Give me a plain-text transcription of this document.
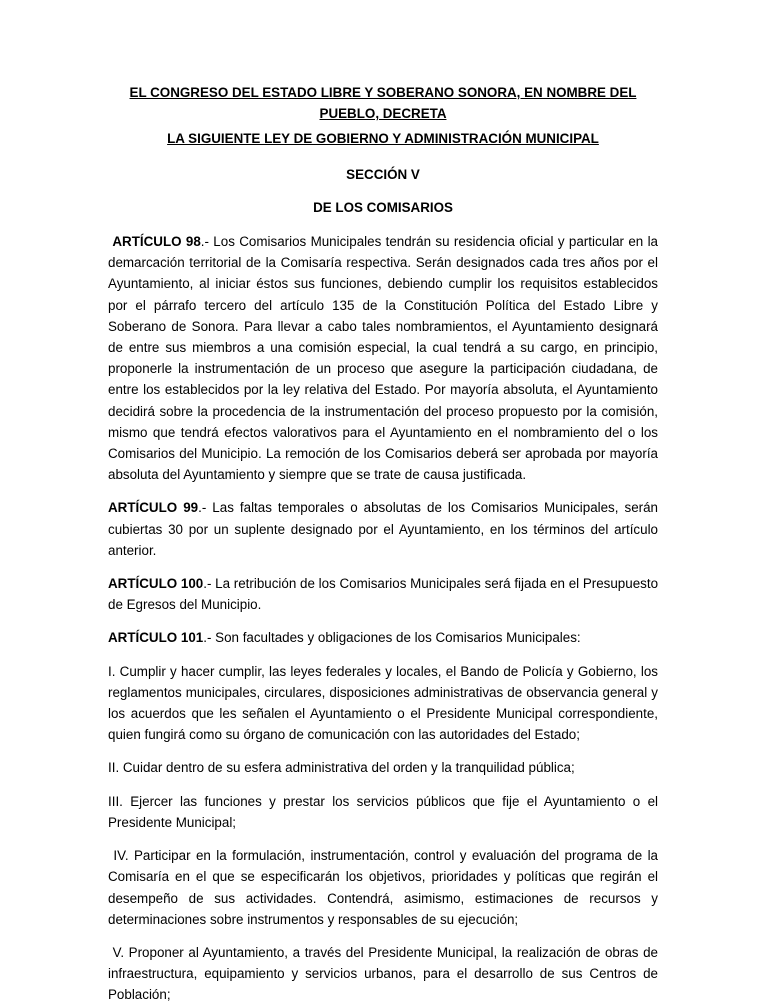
EL CONGRESO DEL ESTADO LIBRE Y SOBERANO SONORA, EN NOMBRE DEL PUEBLO, DECRETA

LA SIGUIENTE LEY DE GOBIERNO Y ADMINISTRACIÓN MUNICIPAL

SECCIÓN V

DE LOS COMISARIOS

ARTÍCULO 98.- Los Comisarios Municipales tendrán su residencia oficial y particular en la demarcación territorial de la Comisaría respectiva. Serán designados cada tres años por el Ayuntamiento, al iniciar éstos sus funciones, debiendo cumplir los requisitos establecidos por el párrafo tercero del artículo 135 de la Constitución Política del Estado Libre y Soberano de Sonora. Para llevar a cabo tales nombramientos, el Ayuntamiento designará de entre sus miembros a una comisión especial, la cual tendrá a su cargo, en principio, proponerle la instrumentación de un proceso que asegure la participación ciudadana, de entre los establecidos por la ley relativa del Estado. Por mayoría absoluta, el Ayuntamiento decidirá sobre la procedencia de la instrumentación del proceso propuesto por la comisión, mismo que tendrá efectos valorativos para el Ayuntamiento en el nombramiento del o los Comisarios del Municipio. La remoción de los Comisarios deberá ser aprobada por mayoría absoluta del Ayuntamiento y siempre que se trate de causa justificada.

ARTÍCULO 99.- Las faltas temporales o absolutas de los Comisarios Municipales, serán cubiertas 30 por un suplente designado por el Ayuntamiento, en los términos del artículo anterior.

ARTÍCULO 100.- La retribución de los Comisarios Municipales será fijada en el Presupuesto de Egresos del Municipio.

ARTÍCULO 101.- Son facultades y obligaciones de los Comisarios Municipales:

I. Cumplir y hacer cumplir, las leyes federales y locales, el Bando de Policía y Gobierno, los reglamentos municipales, circulares, disposiciones administrativas de observancia general y los acuerdos que les señalen el Ayuntamiento o el Presidente Municipal correspondiente, quien fungirá como su órgano de comunicación con las autoridades del Estado;

II. Cuidar dentro de su esfera administrativa del orden y la tranquilidad pública;

III. Ejercer las funciones y prestar los servicios públicos que fije el Ayuntamiento o el Presidente Municipal;

IV. Participar en la formulación, instrumentación, control y evaluación del programa de la Comisaría en el que se especificarán los objetivos, prioridades y políticas que regirán el desempeño de sus actividades. Contendrá, asimismo, estimaciones de recursos y determinaciones sobre instrumentos y responsables de su ejecución;

V. Proponer al Ayuntamiento, a través del Presidente Municipal, la realización de obras de infraestructura, equipamiento y servicios urbanos, para el desarrollo de sus Centros de Población;
